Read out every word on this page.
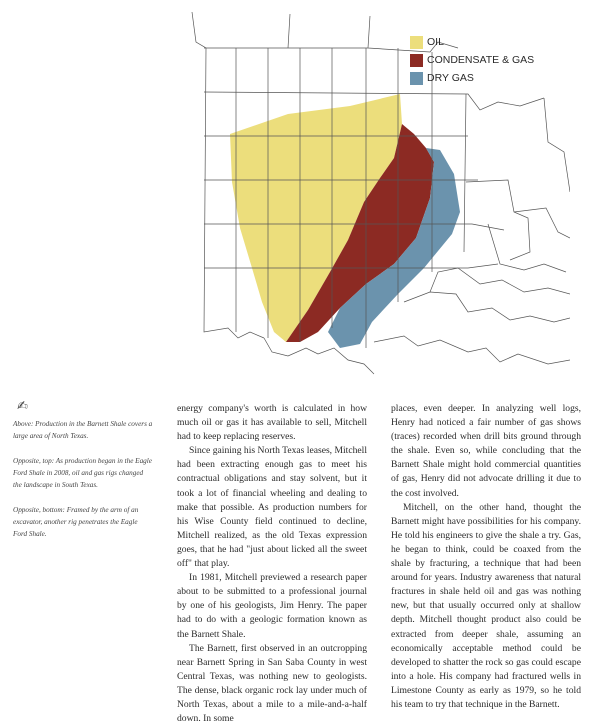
OIL
CONDENSATE & GAS
DRY GAS
✍

Above: Production in the Barnett Shale covers a large area of North Texas.

Opposite, top: As production began in the Eagle Ford Shale in 2008, oil and gas rigs changed the landscape in South Texas.

Opposite, bottom: Framed by the arm of an excavator, another rig penetrates the Eagle Ford Shale.

energy company's worth is calculated in how much oil or gas it has available to sell, Mitchell had to keep replacing reserves.

Since gaining his North Texas leases, Mitchell had been extracting enough gas to meet his contractual obligations and stay solvent, but it took a lot of financial wheeling and dealing to make that possible. As production numbers for his Wise County field continued to decline, Mitchell realized, as the old Texas expression goes, that he had "just about licked all the sweet off" that play.

In 1981, Mitchell previewed a research paper about to be submitted to a professional journal by one of his geologists, Jim Henry. The paper had to do with a geologic formation known as the Barnett Shale.

The Barnett, first observed in an outcropping near Barnett Spring in San Saba County in west Central Texas, was nothing new to geologists. The dense, black organic rock lay under much of North Texas, about a mile to a mile-and-a-half down. In some

places, even deeper. In analyzing well logs, Henry had noticed a fair number of gas shows (traces) recorded when drill bits ground through the shale. Even so, while concluding that the Barnett Shale might hold commercial quantities of gas, Henry did not advocate drilling it due to the cost involved.

Mitchell, on the other hand, thought the Barnett might have possibilities for his company. He told his engineers to give the shale a try. Gas, he began to think, could be coaxed from the shale by fracturing, a technique that had been around for years. Industry awareness that natural fractures in shale held oil and gas was nothing new, but that usually occurred only at shallow depth. Mitchell thought product also could be extracted from deeper shale, assuming an economically acceptable method could be developed to shatter the rock so gas could escape into a hole. His company had fractured wells in Limestone County as early as 1979, so he told his team to try that technique in the Barnett.
